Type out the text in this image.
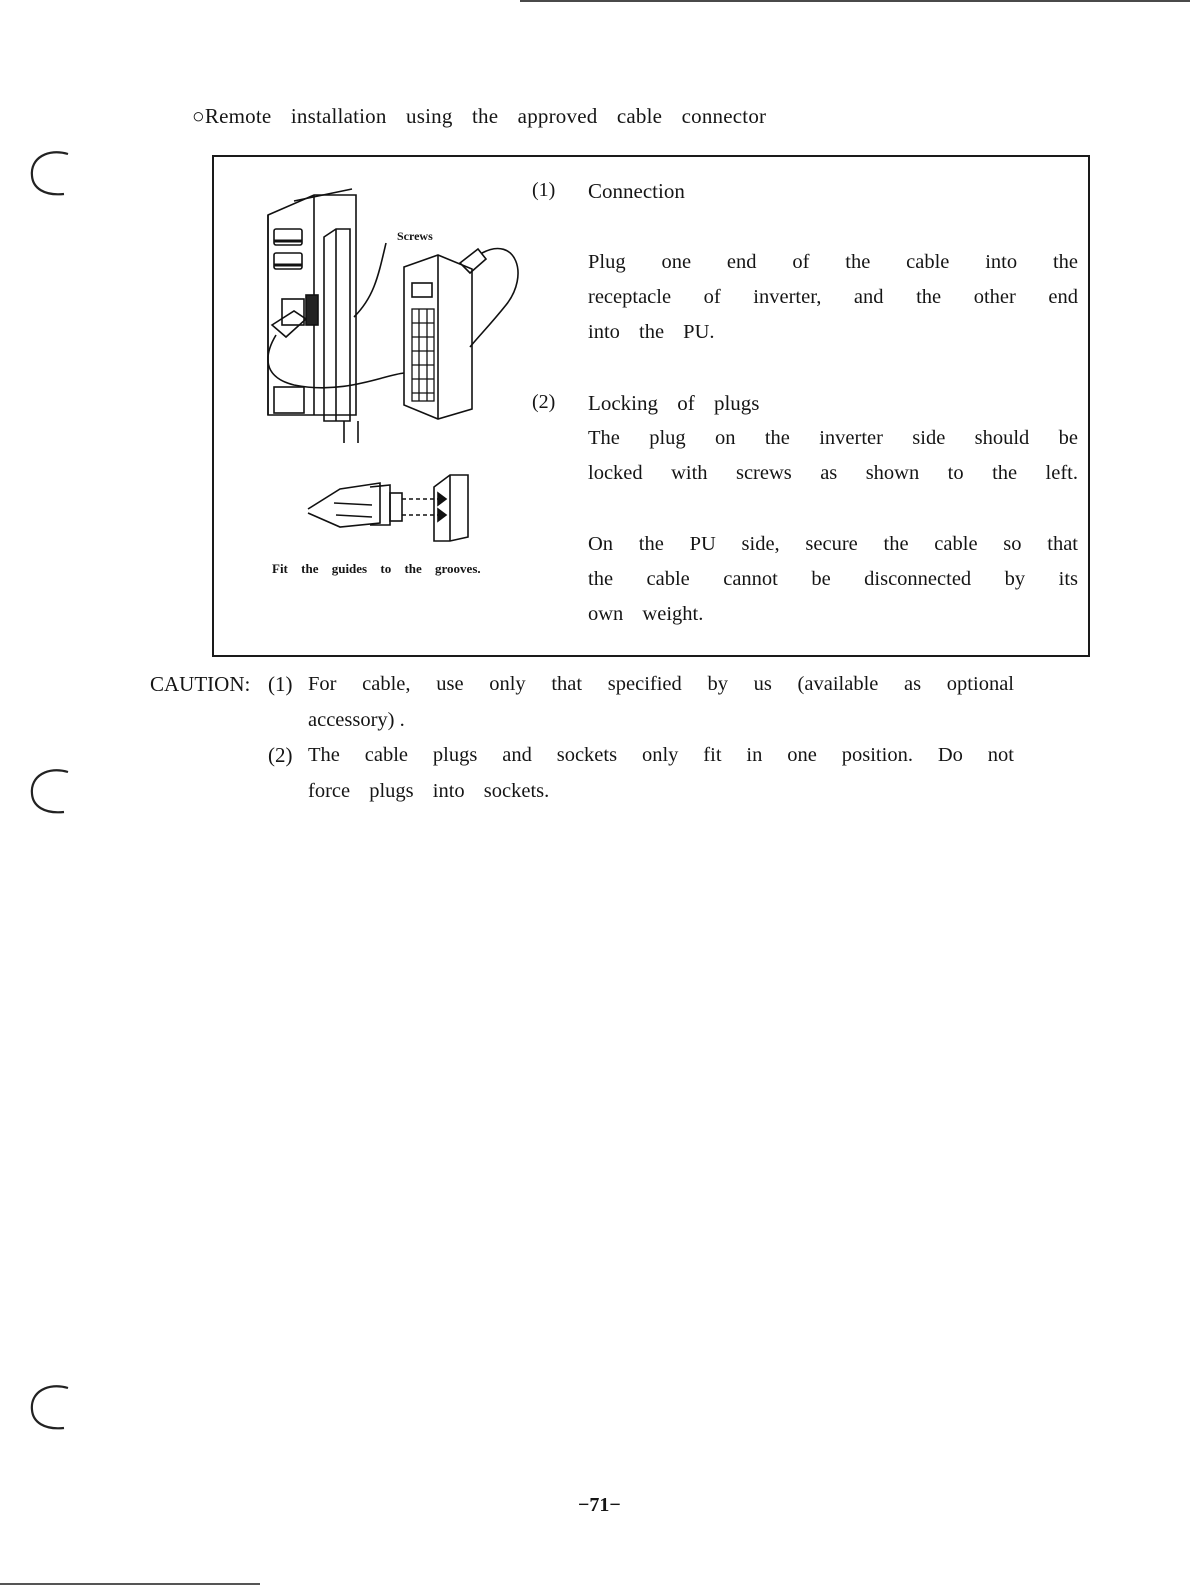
○Remote installation using the approved cable connector
Screws
Fit the guides to the grooves.
(1) Connection
Plug one end of the cable into the
receptacle of inverter, and the other end
into the PU.
(2) Locking of plugs
The plug on the inverter side should be
locked with screws as shown to the left.
On the PU side, secure the cable so that
the cable cannot be disconnected by its
own weight.
CAUTION: (1) For cable, use only that specified by us (available as optional
accessory) .
(2) The cable plugs and sockets only fit in one position. Do not
force plugs into sockets.
−71−
